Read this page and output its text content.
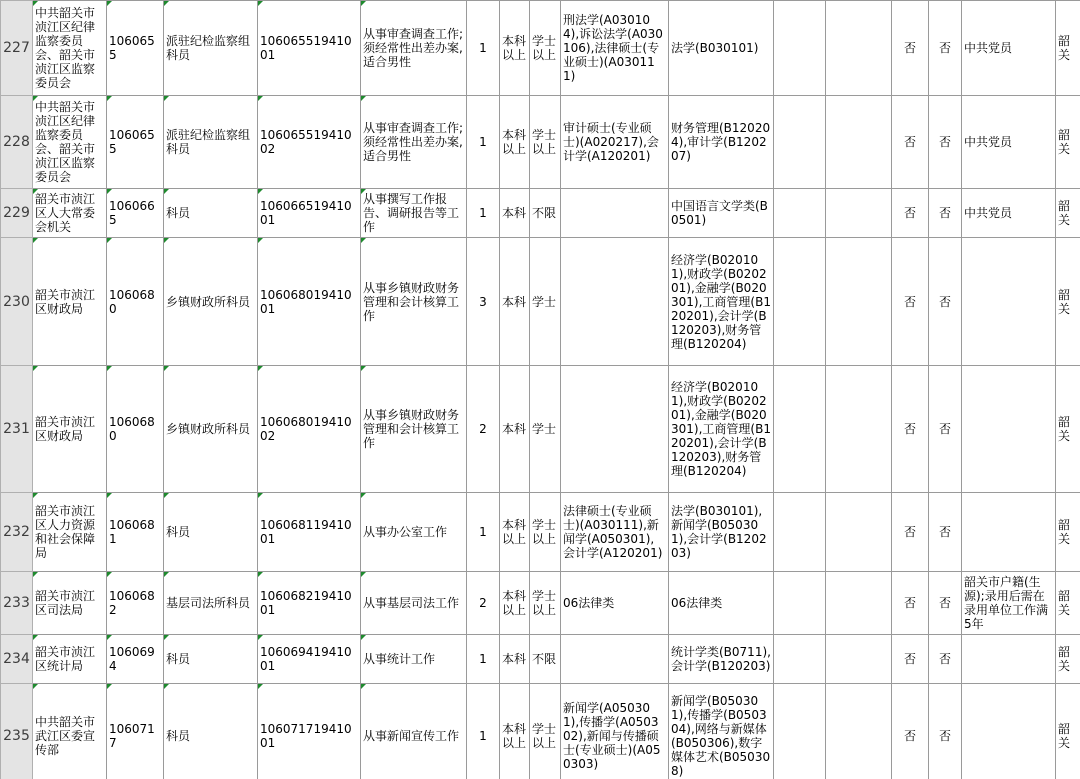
227	中共韶关市浈江区纪律监察委员会、韶关市浈江区监察委员会	1060655	派驻纪检监察组科员	10606551941001	从事审查调查工作;须经常性出差办案,适合男性	1	本科以上	学士以上	刑法学(A030104),诉讼法学(A030106),法律硕士(专业硕士)(A030111)	法学(B030101)			否	否	中共党员	韶关

228	中共韶关市浈江区纪律监察委员会、韶关市浈江区监察委员会	1060655	派驻纪检监察组科员	10606551941002	从事审查调查工作;须经常性出差办案,适合男性	1	本科以上	学士以上	审计硕士(专业硕士)(A020217),会计学(A120201)	财务管理(B120204),审计学(B120207)			否	否	中共党员	韶关

229	韶关市浈江区人大常委会机关	1060665	科员	10606651941001	从事撰写工作报告、调研报告等工作	1	本科	不限		中国语言文学类(B0501)			否	否	中共党员	韶关

230	韶关市浈江区财政局	1060680	乡镇财政所科员	10606801941001	从事乡镇财政财务管理和会计核算工作	3	本科	学士		经济学(B020101),财政学(B020201),金融学(B020301),工商管理(B120201),会计学(B120203),财务管理(B120204)			否	否		韶关

231	韶关市浈江区财政局	1060680	乡镇财政所科员	10606801941002	从事乡镇财政财务管理和会计核算工作	2	本科	学士		经济学(B020101),财政学(B020201),金融学(B020301),工商管理(B120201),会计学(B120203),财务管理(B120204)			否	否		韶关

232	韶关市浈江区人力资源和社会保障局	1060681	科员	10606811941001	从事办公室工作	1	本科以上	学士以上	法律硕士(专业硕士)(A030111),新闻学(A050301),会计学(A120201)	法学(B030101),新闻学(B050301),会计学(B120203)			否	否		韶关

233	韶关市浈江区司法局	1060682	基层司法所科员	10606821941001	从事基层司法工作	2	本科以上	学士以上	06法律类	06法律类			否	否	韶关市户籍(生源);录用后需在录用单位工作满5年	韶关

234	韶关市浈江区统计局	1060694	科员	10606941941001	从事统计工作	1	本科	不限		统计学类(B0711),会计学(B120203)			否	否		韶关

235	中共韶关市武江区委宣传部	1060717	科员	10607171941001	从事新闻宣传工作	1	本科以上	学士以上	新闻学(A050301),传播学(A050302),新闻与传播硕士(专业硕士)(A050303)	新闻学(B050301),传播学(B050304),网络与新媒体(B050306),数字媒体艺术(B050308)			否	否		韶关
